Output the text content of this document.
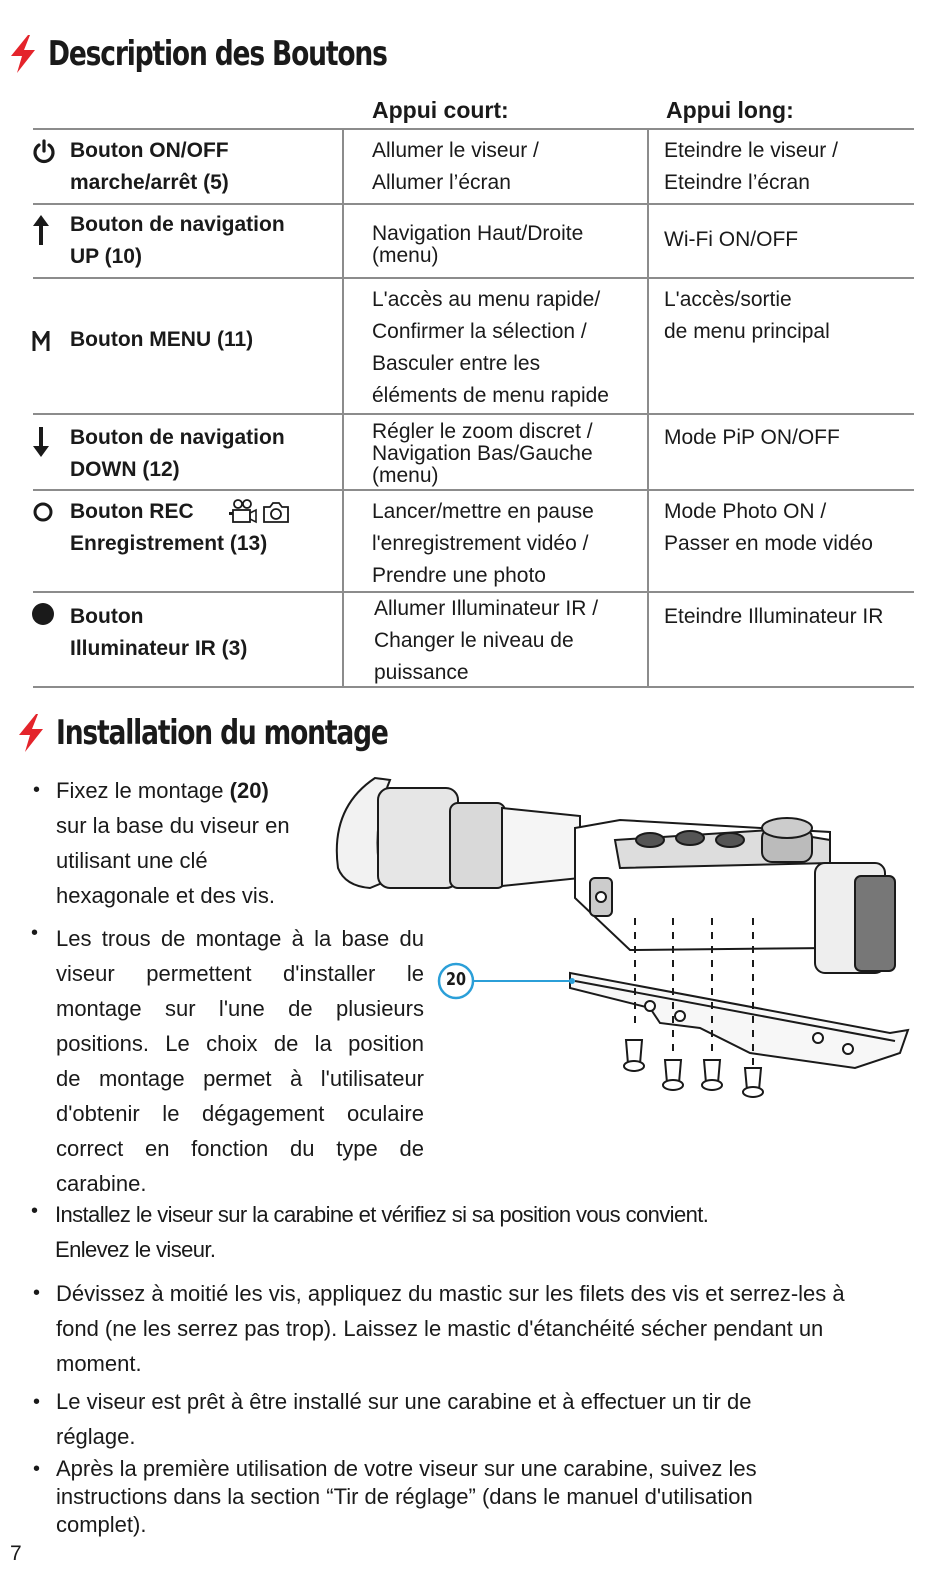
Description des Boutons
Appui court:	Appui long:
Bouton ON/OFF
marche/arrêt (5)
Allumer le viseur /
Allumer l’écran
Eteindre le viseur /
Eteindre l’écran
Bouton de navigation
UP (10)
Navigation Haut/Droite
(menu)
Wi-Fi ON/OFF
Bouton MENU (11)
L'accès au menu rapide/
Confirmer la sélection /
Basculer entre les
éléments de menu rapide
L'accès/sortie
de menu principal
Bouton de navigation
DOWN (12)
Régler le zoom discret /
Navigation Bas/Gauche
(menu)
Mode PiP ON/OFF
Bouton REC
Enregistrement (13)
Lancer/mettre en pause
l'enregistrement vidéo /
Prendre une photo
Mode Photo ON /
Passer en mode vidéo
Bouton
Illuminateur IR (3)
Allumer Illuminateur IR /
Changer le niveau de
puissance
Eteindre Illuminateur IR
Installation du montage
• Fixez le montage (20)
sur la base du viseur en
utilisant une clé
hexagonale et des vis.
• Les trous de montage à la base du
viseur permettent d'installer le
montage sur l'une de plusieurs
positions. Le choix de la position
de montage permet à l'utilisateur
d'obtenir le dégagement oculaire
correct en fonction du type de
carabine.
20
• Installez le viseur sur la carabine et vérifiez si sa position vous convient.
Enlevez le viseur.
• Dévissez à moitié les vis, appliquez du mastic sur les filets des vis et serrez-les à
fond (ne les serrez pas trop). Laissez le mastic d'étanchéité sécher pendant un
moment.
• Le viseur est prêt à être installé sur une carabine et à effectuer un tir de
réglage.
• Après la première utilisation de votre viseur sur une carabine, suivez les
instructions dans la section “Tir de réglage” (dans le manuel d'utilisation
complet).
7
